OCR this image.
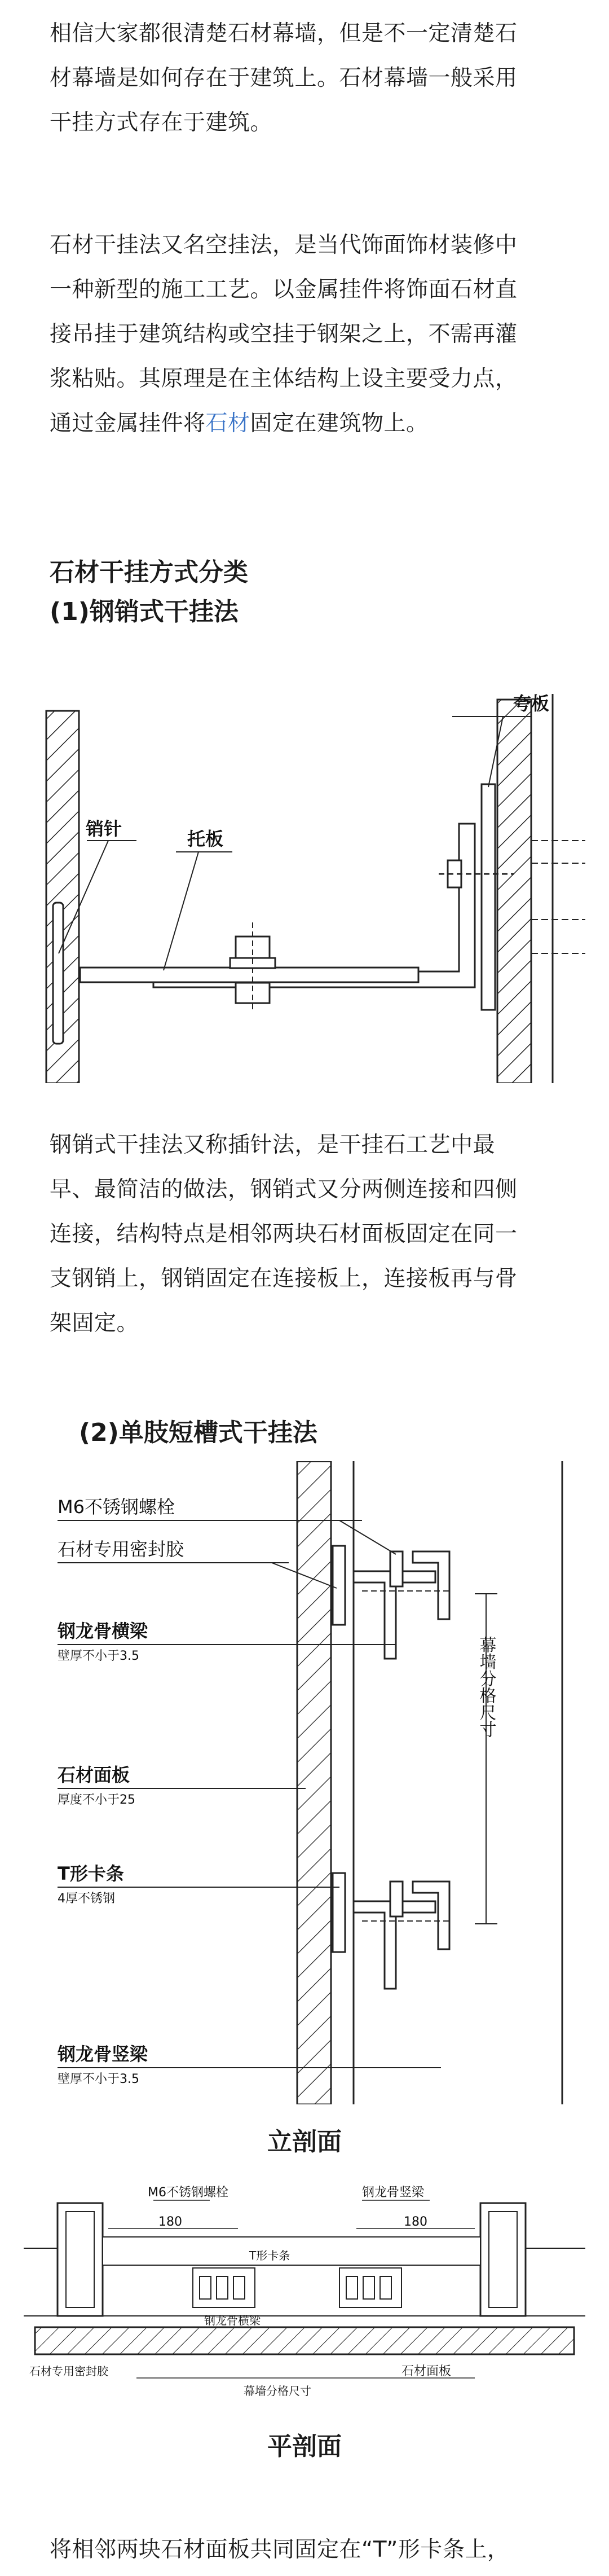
相信大家都很清楚石材幕墙，但是不一定清楚石
材幕墙是如何存在于建筑上。石材幕墙一般采用
干挂方式存在于建筑。

石材干挂法又名空挂法，是当代饰面饰材装修中
一种新型的施工工艺。以金属挂件将饰面石材直
接吊挂于建筑结构或空挂于钢架之上，不需再灌
浆粘贴。其原理是在主体结构上设主要受力点，
通过金属挂件将石材固定在建筑物上。

石材干挂方式分类
(1)钢销式干挂法
夸板
销针	托板

钢销式干挂法又称插针法，是干挂石工艺中最
早、最简洁的做法，钢销式又分两侧连接和四侧
连接，结构特点是相邻两块石材面板固定在同一
支钢销上，钢销固定在连接板上，连接板再与骨
架固定。

(2)单肢短槽式干挂法
幕墙分格尺寸
M6不锈钢螺栓
石材专用密封胶
钢龙骨横梁
壁厚不小于3.5
石材面板
厚度不小于25
T形卡条
4厚不锈钢
钢龙骨竖梁
壁厚不小于3.5

立剖面

180	180
M6不锈钢螺栓	钢龙骨竖梁
T形卡条
钢龙骨横梁
石材专用密封胶
幕墙分格尺寸
石材面板

平剖面

将相邻两块石材面板共同固定在“T”形卡条上，
